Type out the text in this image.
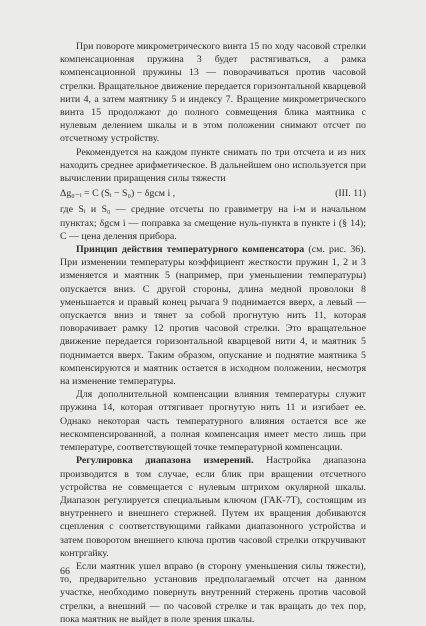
При повороте микрометрического винта 15 по ходу часовой стрелки компенсационная пружина 3 будет растягиваться, а рамка компенсационной пружины 13 — поворачиваться против часовой стрелки. Вращательное движение передается горизонтальной кварцевой нити 4, а затем маятнику 5 и индексу 7. Вращение микрометрического винта 15 продолжают до полного совмещения блика маятника с нулевым делением шкалы и в этом положении снимают отсчет по отсчетному устройству.

Рекомендуется на каждом пункте снимать по три отсчета и из них находить среднее арифметическое. В дальнейшем оно используется при вычислении приращения силы тяжести

Δg₀₋ᵢ = C (Sᵢ − S₀) − δgсм i ,	(III. 11)

где Sᵢ и S₀ — средние отсчеты по гравиметру на i-м и начальном пунктах; δgсм i — поправка за смещение нуль-пункта в пункте i (§ 14); C — цена деления прибора.

Принцип действия температурного компенсатора (см. рис. 36). При изменении температуры коэффициент жесткости пружин 1, 2 и 3 изменяется и маятник 5 (например, при уменьшении температуры) опускается вниз. С другой стороны, длина медной проволоки 8 уменьшается и правый конец рычага 9 поднимается вверх, а левый — опускается вниз и тянет за собой прогнутую нить 11, которая поворачивает рамку 12 против часовой стрелки. Это вращательное движение передается горизонтальной кварцевой нити 4, и маятник 5 поднимается вверх. Таким образом, опускание и поднятие маятника 5 компенсируются и маятник остается в исходном положении, несмотря на изменение температуры.

Для дополнительной компенсации влияния температуры служит пружина 14, которая оттягивает прогнутую нить 11 и изгибает ее. Однако некоторая часть температурного влияния остается все же нескомпенсированной, а полная компенсация имеет место лишь при температуре, соответствующей точке температурной компенсации.

Регулировка диапазона измерений. Настройка диапазона производится в том случае, если блик при вращении отсчетного устройства не совмещается с нулевым штрихом окулярной шкалы. Диапазон регулируется специальным ключом (ГАК-7Т), состоящим из внутреннего и внешнего стержней. Путем их вращения добиваются сцепления с соответствующими гайками диапазонного устройства и затем поворотом внешнего ключа против часовой стрелки откручивают контргайку.

Если маятник ушел вправо (в сторону уменьшения силы тяжести), то, предварительно установив предполагаемый отсчет на данном участке, необходимо повернуть внутренний стержень против часовой стрелки, а внешний — по часовой стрелке и так вращать до тех пор, пока маятник не выйдет в поле зрения шкалы.

66
